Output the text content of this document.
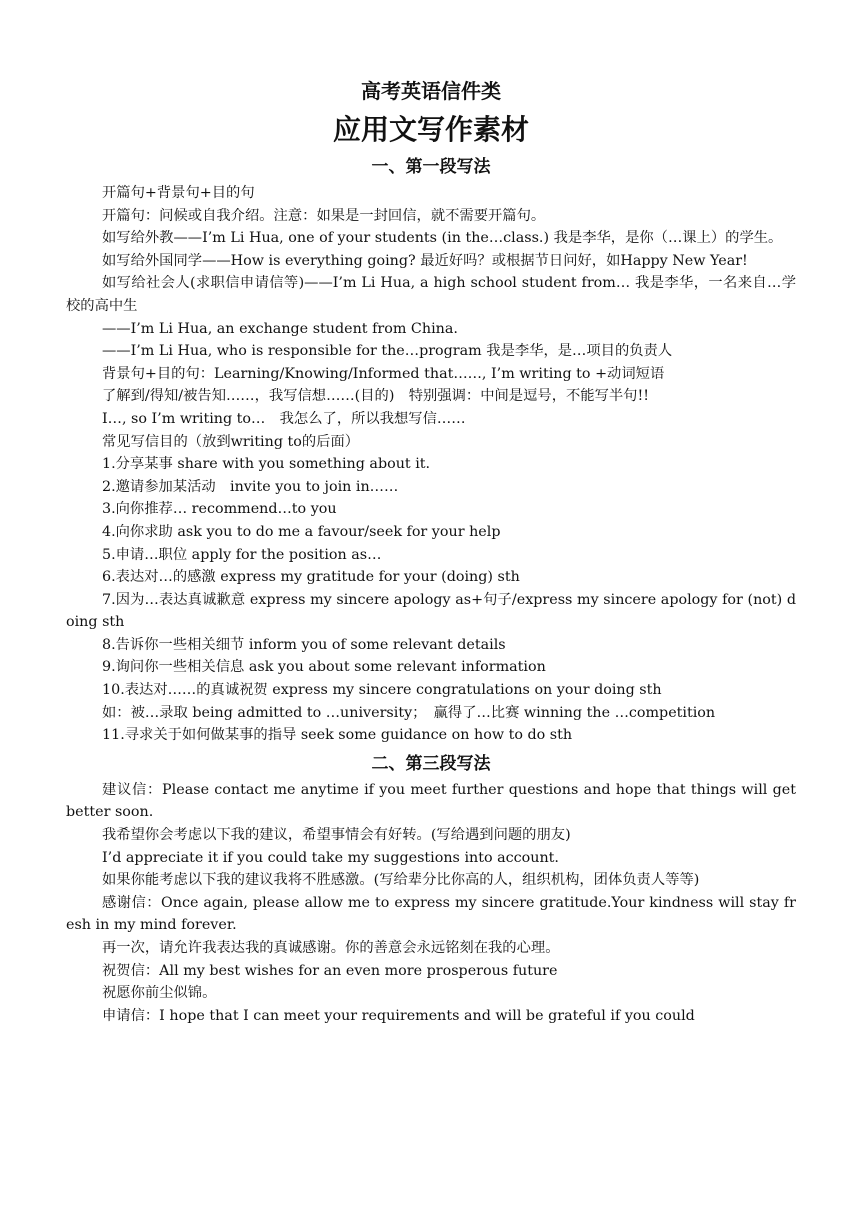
高考英语信件类
应用文写作素材
一、第一段写法

开篇句+背景句+目的句

开篇句：问候或自我介绍。注意：如果是一封回信，就不需要开篇句。

如写给外教——I’m Li Hua, one of your students (in the…class.) 我是李华，是你（…课上）的学生。

如写给外国同学——How is everything going? 最近好吗？或根据节日问好，如Happy New Year!

如写给社会人(求职信申请信等)——I’m Li Hua, a high school student from… 我是李华，一名来自…学校的高中生

——I’m Li Hua, an exchange student from China.

——I’m Li Hua, who is responsible for the…program 我是李华，是…项目的负责人

背景句+目的句：Learning/Knowing/Informed that……, I’m writing to +动词短语

了解到/得知/被告知……，我写信想……(目的)　特别强调：中间是逗号，不能写半句!!

I…, so I’m writing to…　我怎么了，所以我想写信……

常见写信目的（放到writing to的后面）

1.分享某事 share with you something about it.

2.邀请参加某活动　invite you to join in……

3.向你推荐… recommend…to you

4.向你求助 ask you to do me a favour/seek for your help

5.申请…职位 apply for the position as…

6.表达对…的感激 express my gratitude for your (doing) sth

7.因为…表达真诚歉意 express my sincere apology as+句子/express my sincere apology for (not) doing sth

8.告诉你一些相关细节 inform you of some relevant details

9.询问你一些相关信息 ask you about some relevant information

10.表达对……的真诚祝贺 express my sincere congratulations on your doing sth

如：被…录取 being admitted to …university；　赢得了…比赛 winning the …competition

11.寻求关于如何做某事的指导 seek some guidance on how to do sth

二、第三段写法

建议信：Please contact me anytime if you meet further questions and hope that things will get better soon.

我希望你会考虑以下我的建议，希望事情会有好转。(写给遇到问题的朋友)

I’d appreciate it if you could take my suggestions into account.

如果你能考虑以下我的建议我将不胜感激。(写给辈分比你高的人，组织机构，团体负责人等等)

感谢信：Once again, please allow me to express my sincere gratitude.Your kindness will stay fresh in my mind forever.

再一次，请允许我表达我的真诚感谢。你的善意会永远铭刻在我的心理。

祝贺信：All my best wishes for an even more prosperous future

祝愿你前尘似锦。

申请信：I hope that I can meet your requirements and will be grateful if you could
